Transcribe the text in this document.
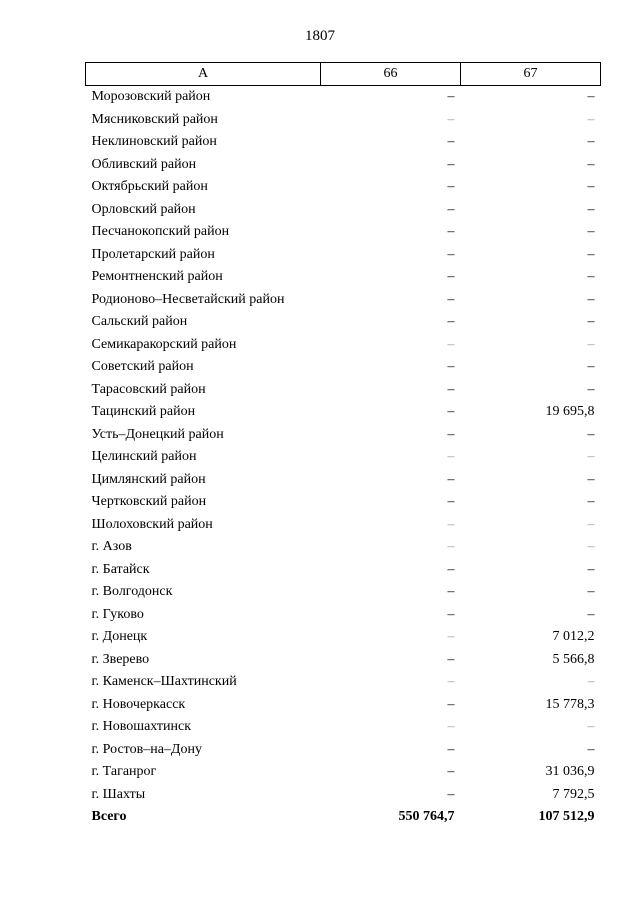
1807
А	66	67
Морозовский район	–	–
Мясниковский район	–	–
Неклиновский район	–	–
Обливский район	–	–
Октябрьский район	–	–
Орловский район	–	–
Песчанокопский район	–	–
Пролетарский район	–	–
Ремонтненский район	–	–
Родионово–Несветайский район	–	–
Сальский район	–	–
Семикаракорский район	–	–
Советский район	–	–
Тарасовский район	–	–
Тацинский район	–	19 695,8
Усть–Донецкий район	–	–
Целинский район	–	–
Цимлянский район	–	–
Чертковский район	–	–
Шолоховский район	–	–
г. Азов	–	–
г. Батайск	–	–
г. Волгодонск	–	–
г. Гуково	–	–
г. Донецк	–	7 012,2
г. Зверево	–	5 566,8
г. Каменск–Шахтинский	–	–
г. Новочеркасск	–	15 778,3
г. Новошахтинск	–	–
г. Ростов–на–Дону	–	–
г. Таганрог	–	31 036,9
г. Шахты	–	7 792,5
Всего	550 764,7	107 512,9
